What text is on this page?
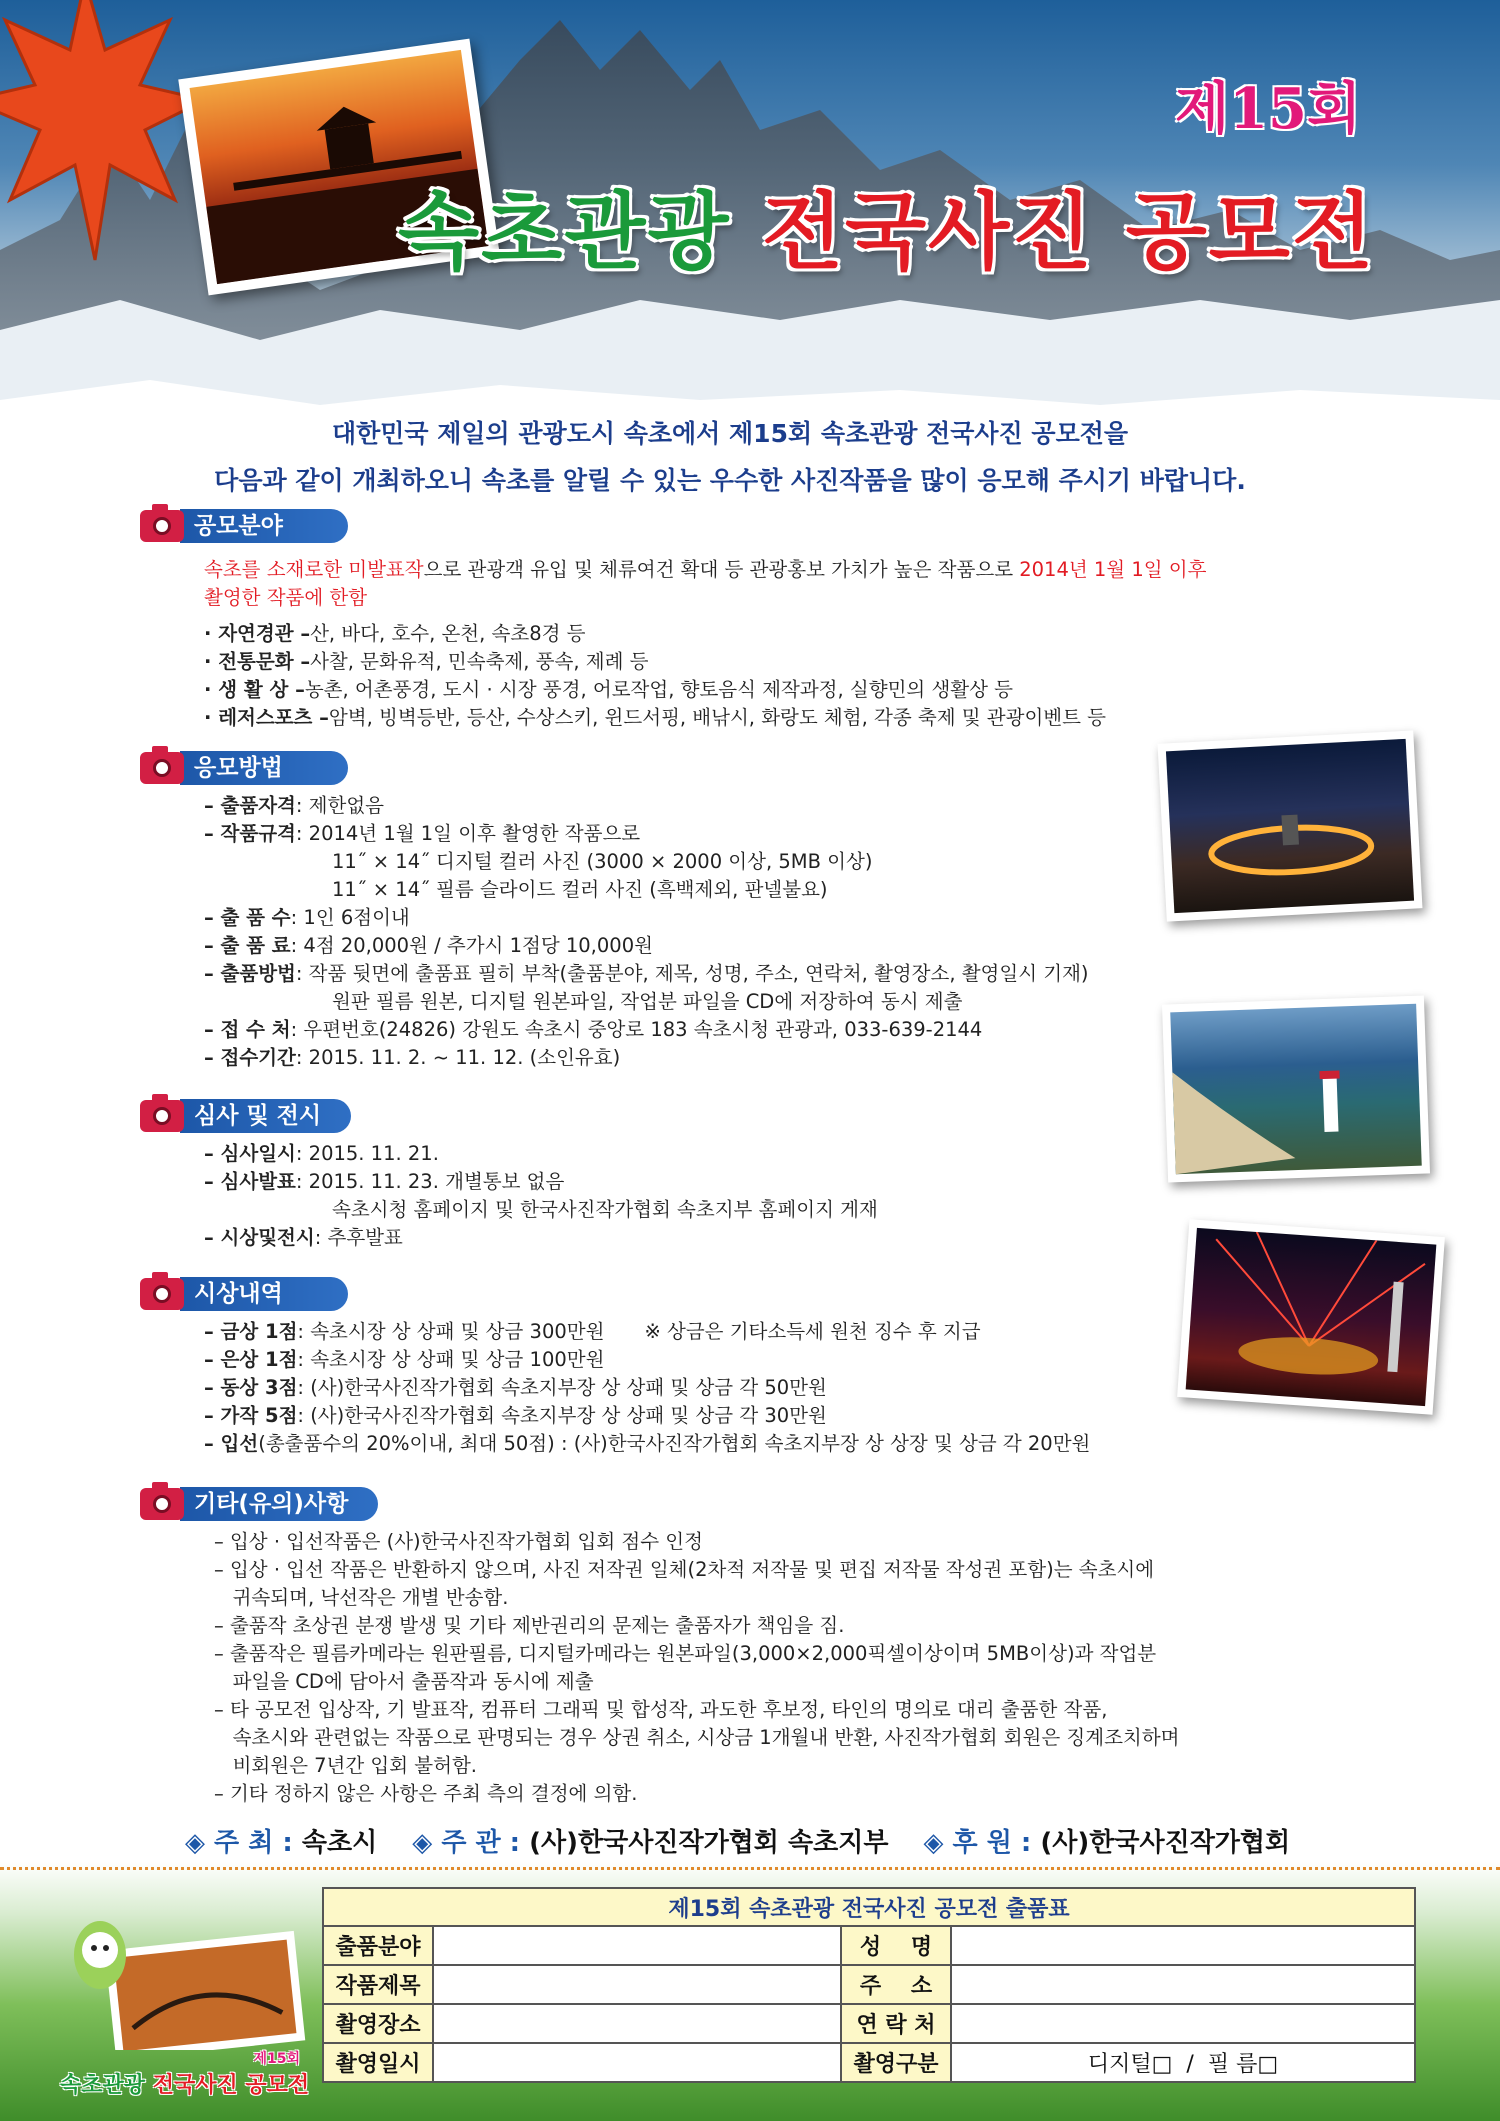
제15회
속초관광 전국사진 공모전
대한민국 제일의 관광도시 속초에서 제15회 속초관광 전국사진 공모전을
다음과 같이 개최하오니 속초를 알릴 수 있는 우수한 사진작품을 많이 응모해 주시기 바랍니다.
공모분야
속초를 소재로한 미발표작으로 관광객 유입 및 체류여건 확대 등 관광홍보 가치가 높은 작품으로 2014년 1월 1일 이후
촬영한 작품에 한함
· 자연경관 – 산, 바다, 호수, 온천, 속초8경 등
· 전통문화 – 사찰, 문화유적, 민속축제, 풍속, 제례 등
· 생 활 상 – 농촌, 어촌풍경, 도시 · 시장 풍경, 어로작업, 향토음식 제작과정, 실향민의 생활상 등
· 레저스포츠 – 암벽, 빙벽등반, 등산, 수상스키, 윈드서핑, 배낚시, 화랑도 체험, 각종 축제 및 관광이벤트 등
응모방법
– 출품자격 : 제한없음
– 작품규격 : 2014년 1월 1일 이후 촬영한 작품으로
11˝ × 14˝ 디지털 컬러 사진 (3000 × 2000 이상, 5MB 이상)
11˝ × 14˝ 필름 슬라이드 컬러 사진 (흑백제외, 판넬불요)
– 출 품 수 : 1인 6점이내
– 출 품 료 : 4점 20,000원 / 추가시 1점당 10,000원
– 출품방법 : 작품 뒷면에 출품표 필히 부착(출품분야, 제목, 성명, 주소, 연락처, 촬영장소, 촬영일시 기재)
원판 필름 원본, 디지털 원본파일, 작업분 파일을 CD에 저장하여 동시 제출
– 접 수 처 : 우편번호(24826) 강원도 속초시 중앙로 183 속초시청 관광과, 033-639-2144
– 접수기간 : 2015. 11. 2. ~ 11. 12. (소인유효)
심사 및 전시
– 심사일시 : 2015. 11. 21.
– 심사발표 : 2015. 11. 23. 개별통보 없음
속초시청 홈페이지 및 한국사진작가협회 속초지부 홈페이지 게재
– 시상및전시 : 추후발표
시상내역
– 금상 1점 : 속초시장 상 상패 및 상금 300만원 ※ 상금은 기타소득세 원천 징수 후 지급
– 은상 1점 : 속초시장 상 상패 및 상금 100만원
– 동상 3점 : (사)한국사진작가협회 속초지부장 상 상패 및 상금 각 50만원
– 가작 5점 : (사)한국사진작가협회 속초지부장 상 상패 및 상금 각 30만원
– 입선 (총출품수의 20%이내, 최대 50점) : (사)한국사진작가협회 속초지부장 상 상장 및 상금 각 20만원
기타(유의)사항
– 입상 · 입선작품은 (사)한국사진작가협회 입회 점수 인정
– 입상 · 입선 작품은 반환하지 않으며, 사진 저작권 일체(2차적 저작물 및 편집 저작물 작성권 포함)는 속초시에
귀속되며, 낙선작은 개별 반송함.
– 출품작 초상권 분쟁 발생 및 기타 제반권리의 문제는 출품자가 책임을 짐.
– 출품작은 필름카메라는 원판필름, 디지털카메라는 원본파일(3,000×2,000픽셀이상이며 5MB이상)과 작업분
파일을 CD에 담아서 출품작과 동시에 제출
– 타 공모전 입상작, 기 발표작, 컴퓨터 그래픽 및 합성작, 과도한 후보정, 타인의 명의로 대리 출품한 작품,
속초시와 관련없는 작품으로 판명되는 경우 상권 취소, 시상금 1개월내 반환, 사진작가협회 회원은 징계조치하며
비회원은 7년간 입회 불허함.
– 기타 정하지 않은 사항은 주최 측의 결정에 의함.
◈ 주 최 : 속초시 ◈ 주 관 : (사)한국사진작가협회 속초지부 ◈ 후 원 : (사)한국사진작가협회
제15회
속초관광 전국사진 공모전
제15회 속초관광 전국사진 공모전 출품표			
출품분야		성　 명	
작품제목		주　 소	
촬영장소		연 락 처	
촬영일시		촬영구분	디지털□  /  필 름□
